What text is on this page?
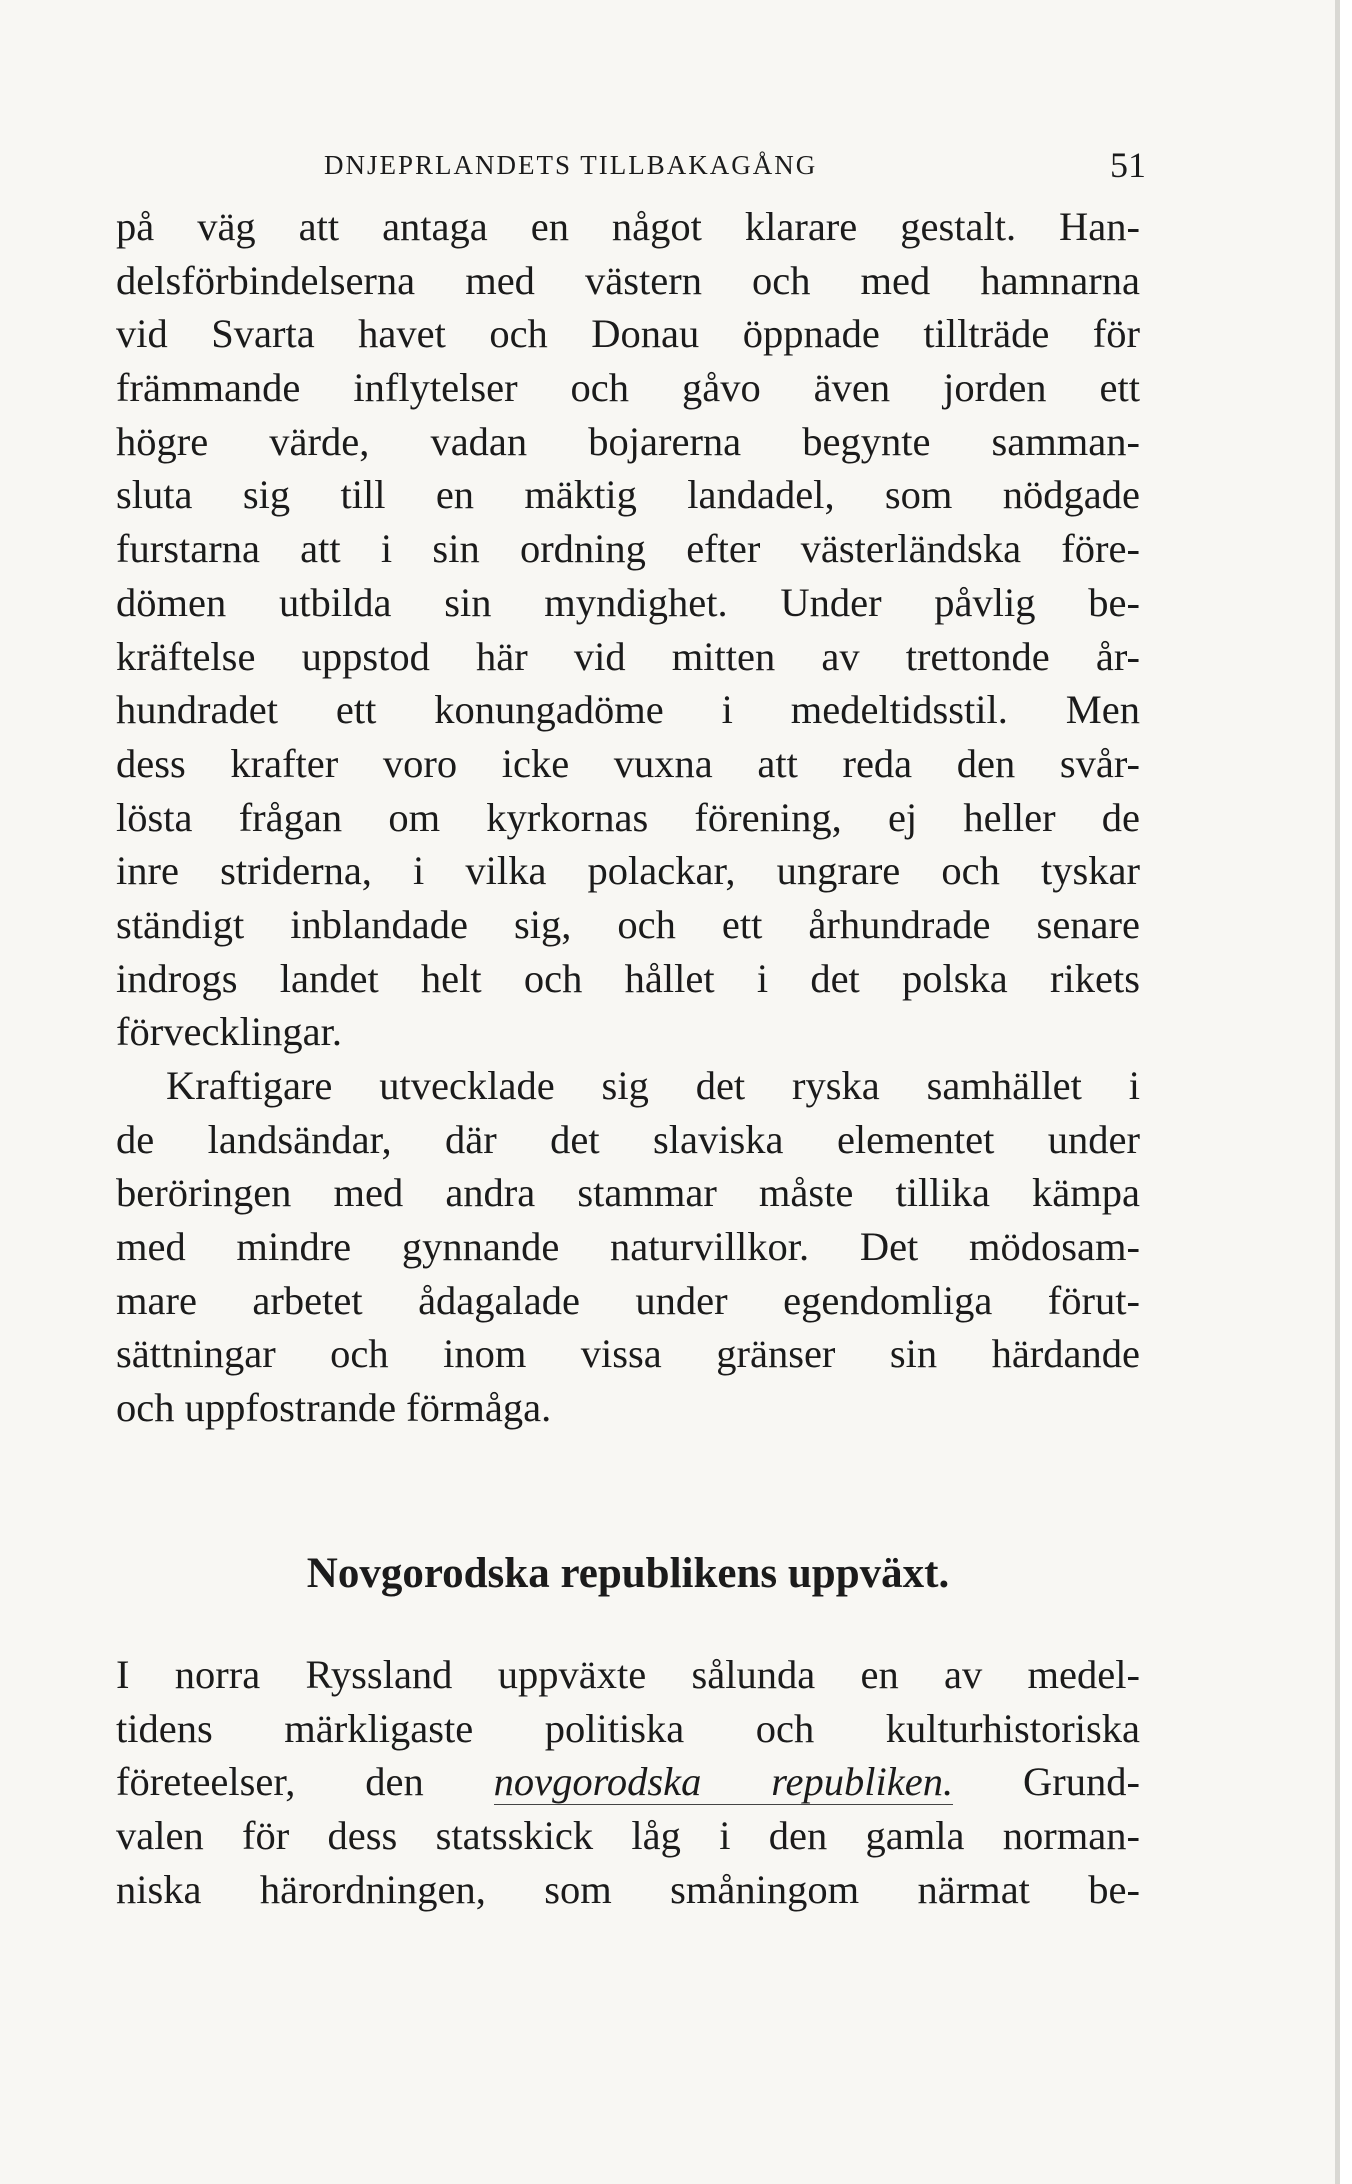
DNJEPRLANDETS TILLBAKAGÅNG	51
på väg att antaga en något klarare gestalt. Han-
delsförbindelserna med västern och med hamnarna
vid Svarta havet och Donau öppnade tillträde för
främmande inflytelser och gåvo även jorden ett
högre värde, vadan bojarerna begynte samman-
sluta sig till en mäktig landadel, som nödgade
furstarna att i sin ordning efter västerländska före-
dömen utbilda sin myndighet. Under påvlig be-
kräftelse uppstod här vid mitten av trettonde år-
hundradet ett konungadöme i medeltidsstil. Men
dess krafter voro icke vuxna att reda den svår-
lösta frågan om kyrkornas förening, ej heller de
inre striderna, i vilka polackar, ungrare och tyskar
ständigt inblandade sig, och ett århundrade senare
indrogs landet helt och hållet i det polska rikets
förvecklingar.
Kraftigare utvecklade sig det ryska samhället i
de landsändar, där det slaviska elementet under
beröringen med andra stammar måste tillika kämpa
med mindre gynnande naturvillkor. Det mödosam-
mare arbetet ådagalade under egendomliga förut-
sättningar och inom vissa gränser sin härdande
och uppfostrande förmåga.
Novgorodska republikens uppväxt.
I norra Ryssland uppväxte sålunda en av medel-
tidens märkligaste politiska och kulturhistoriska
företeelser, den novgorodska republiken. Grund-
valen för dess statsskick låg i den gamla norman-
niska härordningen, som småningom närmat be-
